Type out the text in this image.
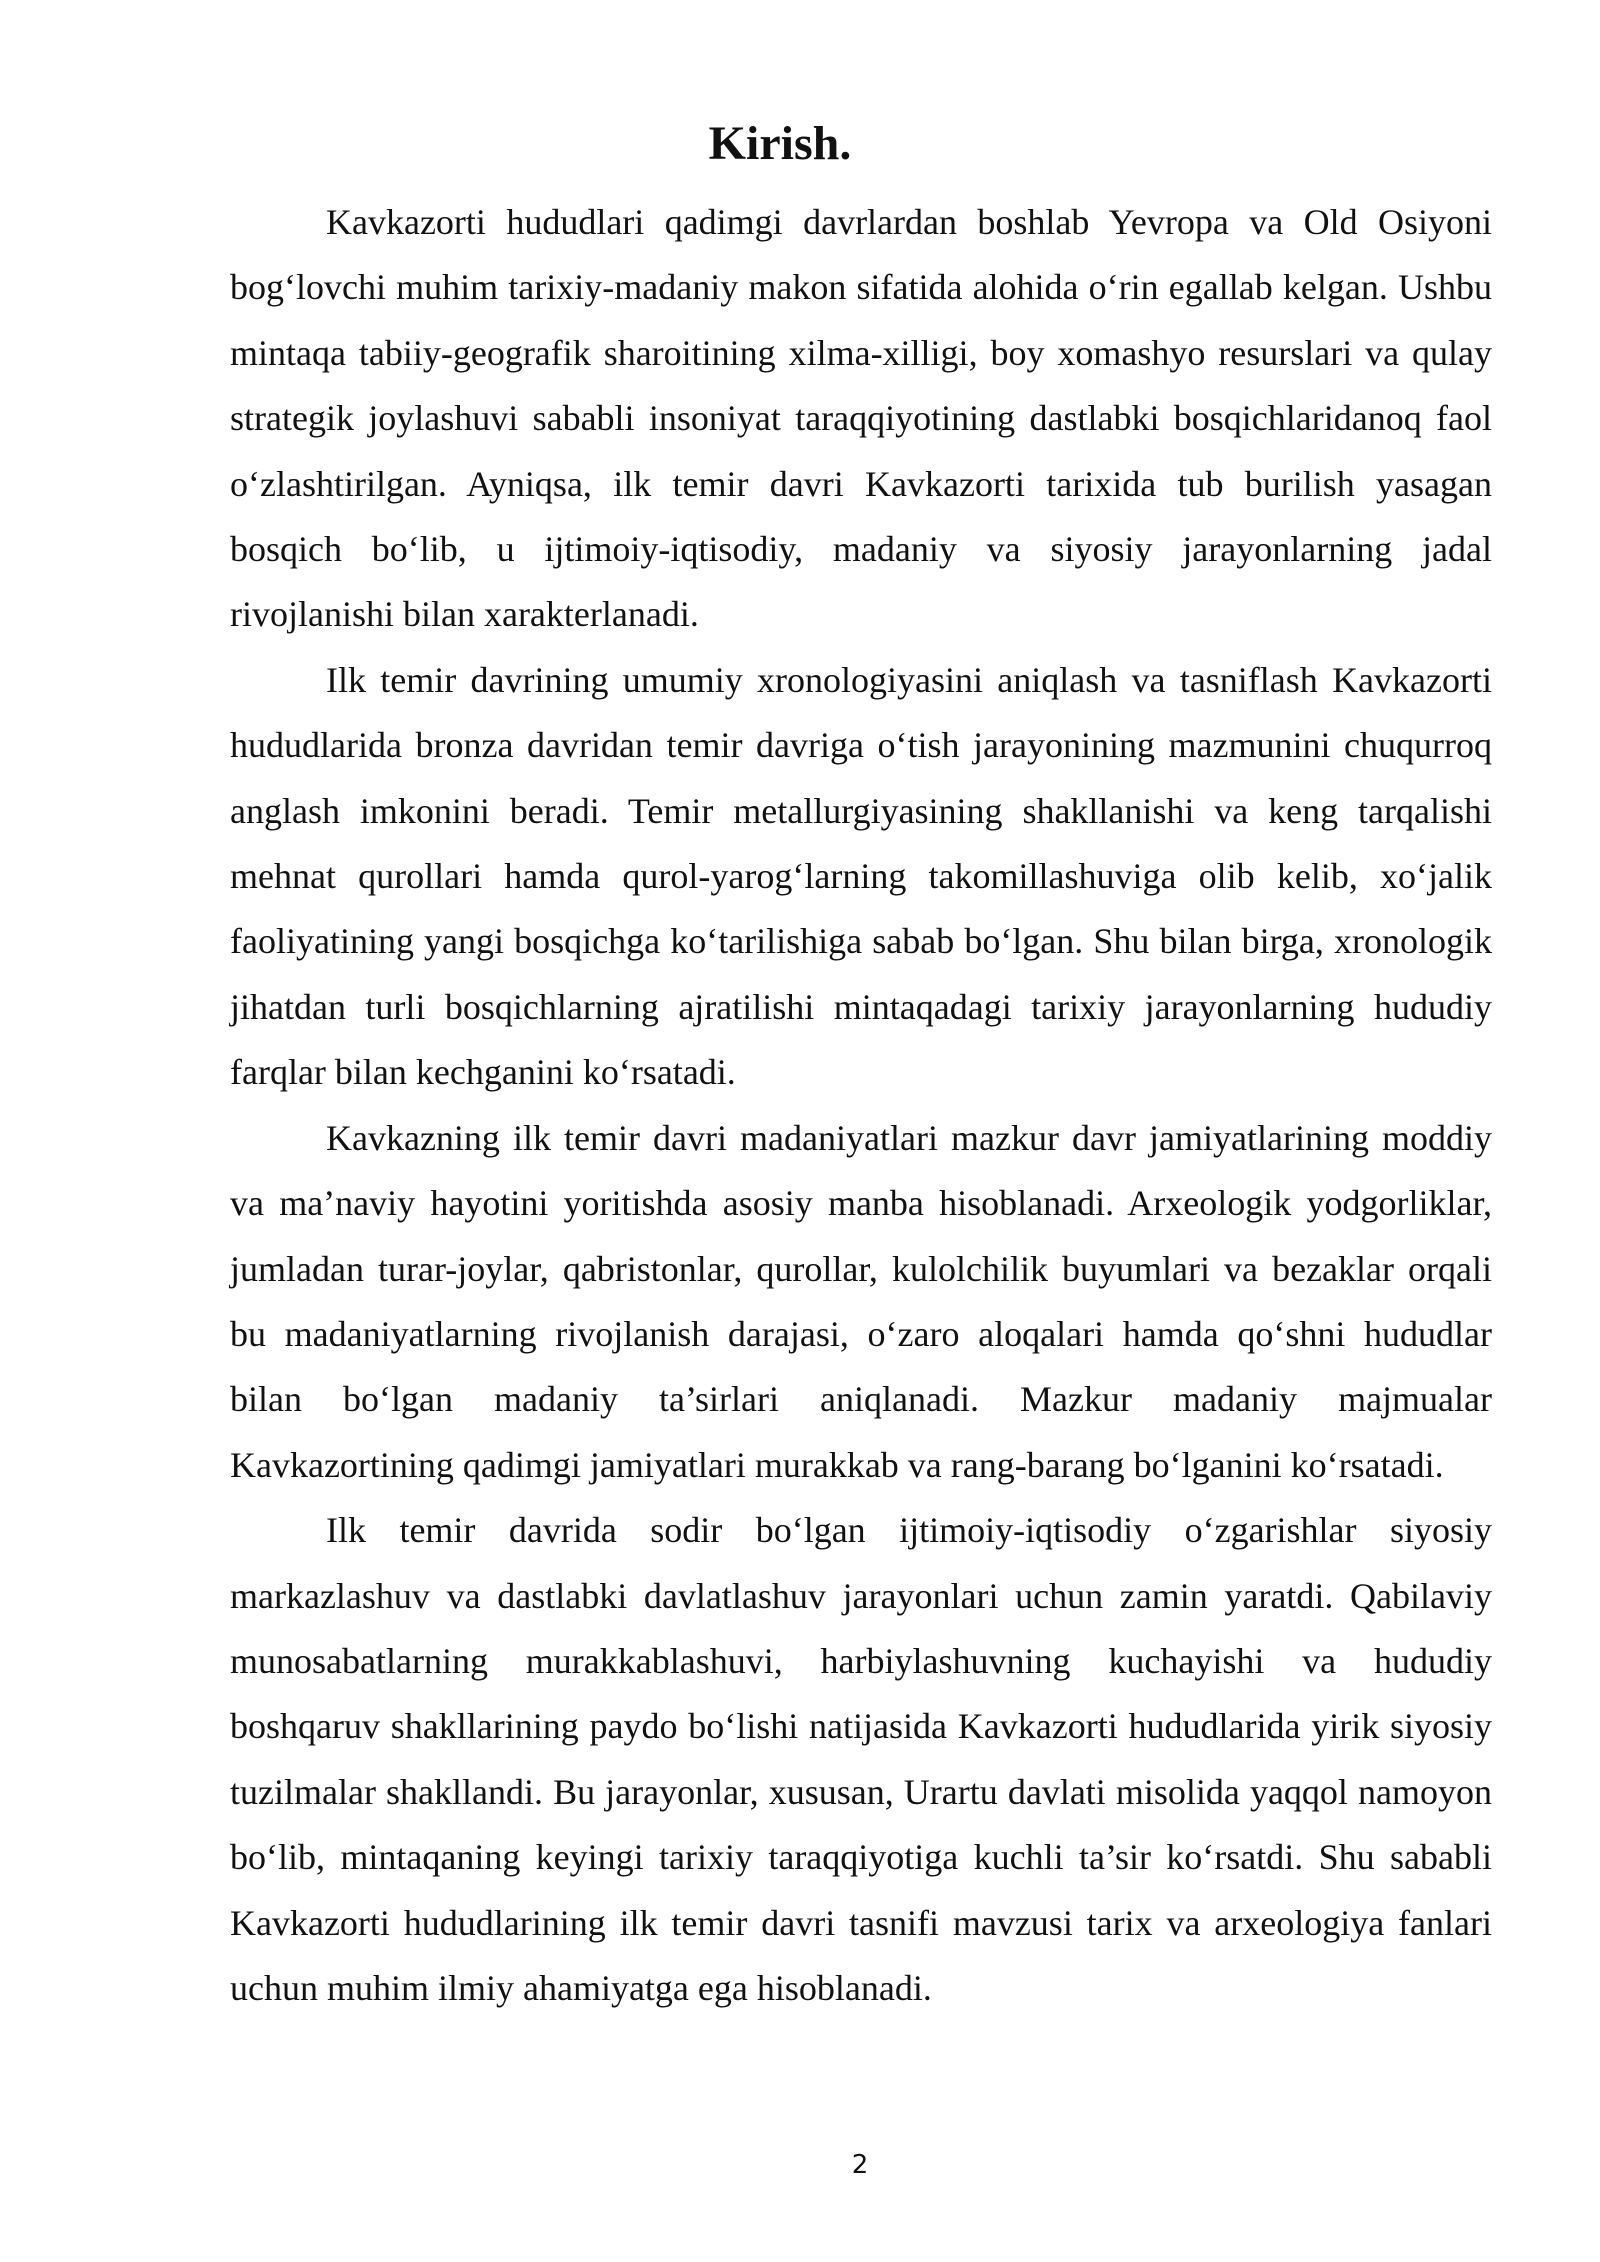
Kirish.

Kavkazorti hududlari qadimgi davrlardan boshlab Yevropa va Old Osiyoni bog‘lovchi muhim tarixiy-madaniy makon sifatida alohida o‘rin egallab kelgan. Ushbu mintaqa tabiiy-geografik sharoitining xilma-xilligi, boy xomashyo resurslari va qulay strategik joylashuvi sababli insoniyat taraqqiyotining dastlabki bosqichlaridanoq faol o‘zlashtirilgan. Ayniqsa, ilk temir davri Kavkazorti tarixida tub burilish yasagan bosqich bo‘lib, u ijtimoiy-iqtisodiy, madaniy va siyosiy jarayonlarning jadal rivojlanishi bilan xarakterlanadi.

Ilk temir davrining umumiy xronologiyasini aniqlash va tasniflash Kavkazorti hududlarida bronza davridan temir davriga o‘tish jarayonining mazmunini chuqurroq anglash imkonini beradi. Temir metallurgiyasining shakllanishi va keng tarqalishi mehnat qurollari hamda qurol-yarog‘larning takomillashuviga olib kelib, xo‘jalik faoliyatining yangi bosqichga ko‘tarilishiga sabab bo‘lgan. Shu bilan birga, xronologik jihatdan turli bosqichlarning ajratilishi mintaqadagi tarixiy jarayonlarning hududiy farqlar bilan kechganini ko‘rsatadi.

Kavkazning ilk temir davri madaniyatlari mazkur davr jamiyatlarining moddiy va ma’naviy hayotini yoritishda asosiy manba hisoblanadi. Arxeologik yodgorliklar, jumladan turar-joylar, qabristonlar, qurollar, kulolchilik buyumlari va bezaklar orqali bu madaniyatlarning rivojlanish darajasi, o‘zaro aloqalari hamda qo‘shni hududlar bilan bo‘lgan madaniy ta’sirlari aniqlanadi. Mazkur madaniy majmualar Kavkazortining qadimgi jamiyatlari murakkab va rang-barang bo‘lganini ko‘rsatadi.

Ilk temir davrida sodir bo‘lgan ijtimoiy-iqtisodiy o‘zgarishlar siyosiy markazlashuv va dastlabki davlatlashuv jarayonlari uchun zamin yaratdi. Qabilaviy munosabatlarning murakkablashuvi, harbiylashuvning kuchayishi va hududiy boshqaruv shakllarining paydo bo‘lishi natijasida Kavkazorti hududlarida yirik siyosiy tuzilmalar shakllandi. Bu jarayonlar, xususan, Urartu davlati misolida yaqqol namoyon bo‘lib, mintaqaning keyingi tarixiy taraqqiyotiga kuchli ta’sir ko‘rsatdi. Shu sababli Kavkazorti hududlarining ilk temir davri tasnifi mavzusi tarix va arxeologiya fanlari uchun muhim ilmiy ahamiyatga ega hisoblanadi.

2
